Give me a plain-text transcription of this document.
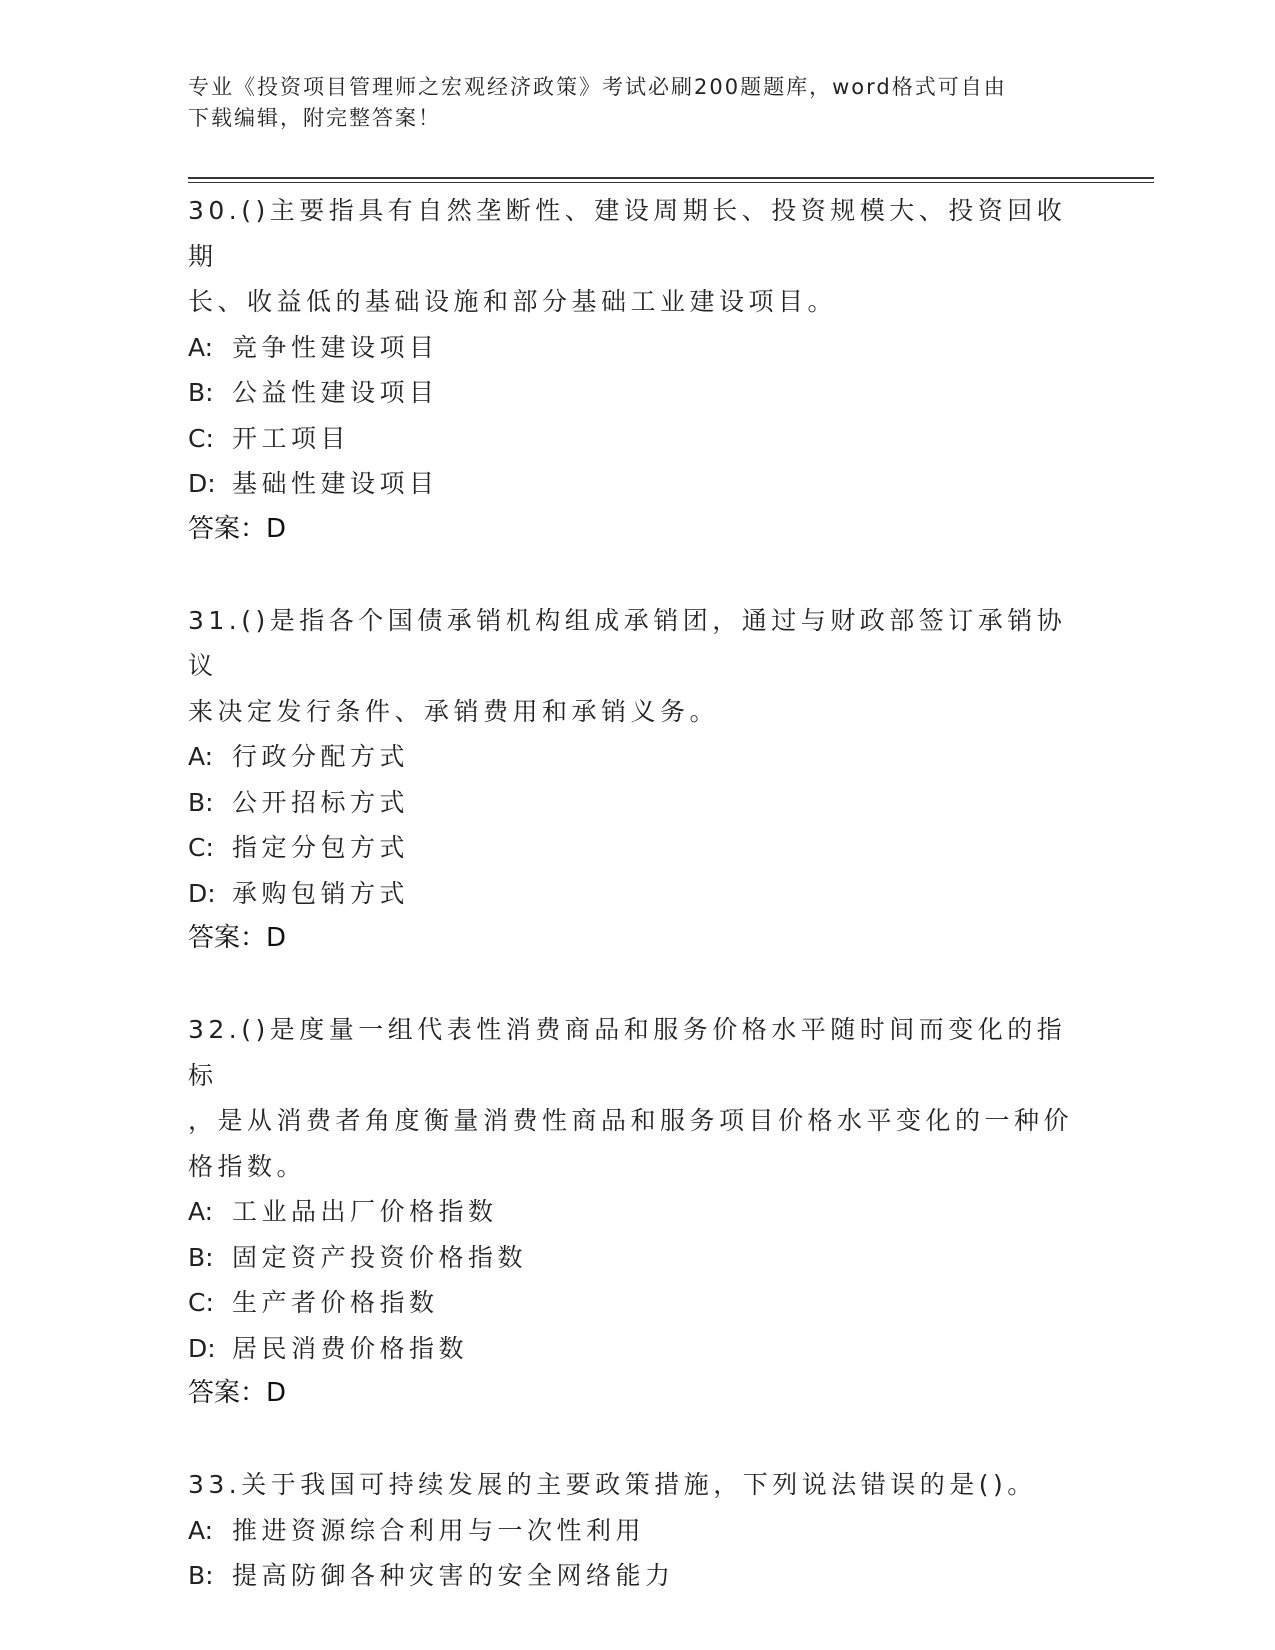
专业《投资项目管理师之宏观经济政策》考试必刷200题题库，word格式可自由
下载编辑，附完整答案！
30.()主要指具有自然垄断性、建设周期长、投资规模大、投资回收期
长、收益低的基础设施和部分基础工业建设项目。
A: 竞争性建设项目
B: 公益性建设项目
C: 开工项目
D: 基础性建设项目
答案：D
31.()是指各个国债承销机构组成承销团，通过与财政部签订承销协议
来决定发行条件、承销费用和承销义务。
A: 行政分配方式
B: 公开招标方式
C: 指定分包方式
D: 承购包销方式
答案：D
32.()是度量一组代表性消费商品和服务价格水平随时间而变化的指标
，是从消费者角度衡量消费性商品和服务项目价格水平变化的一种价
格指数。
A: 工业品出厂价格指数
B: 固定资产投资价格指数
C: 生产者价格指数
D: 居民消费价格指数
答案：D
33.关于我国可持续发展的主要政策措施，下列说法错误的是()。
A: 推进资源综合利用与一次性利用
B: 提高防御各种灾害的安全网络能力
